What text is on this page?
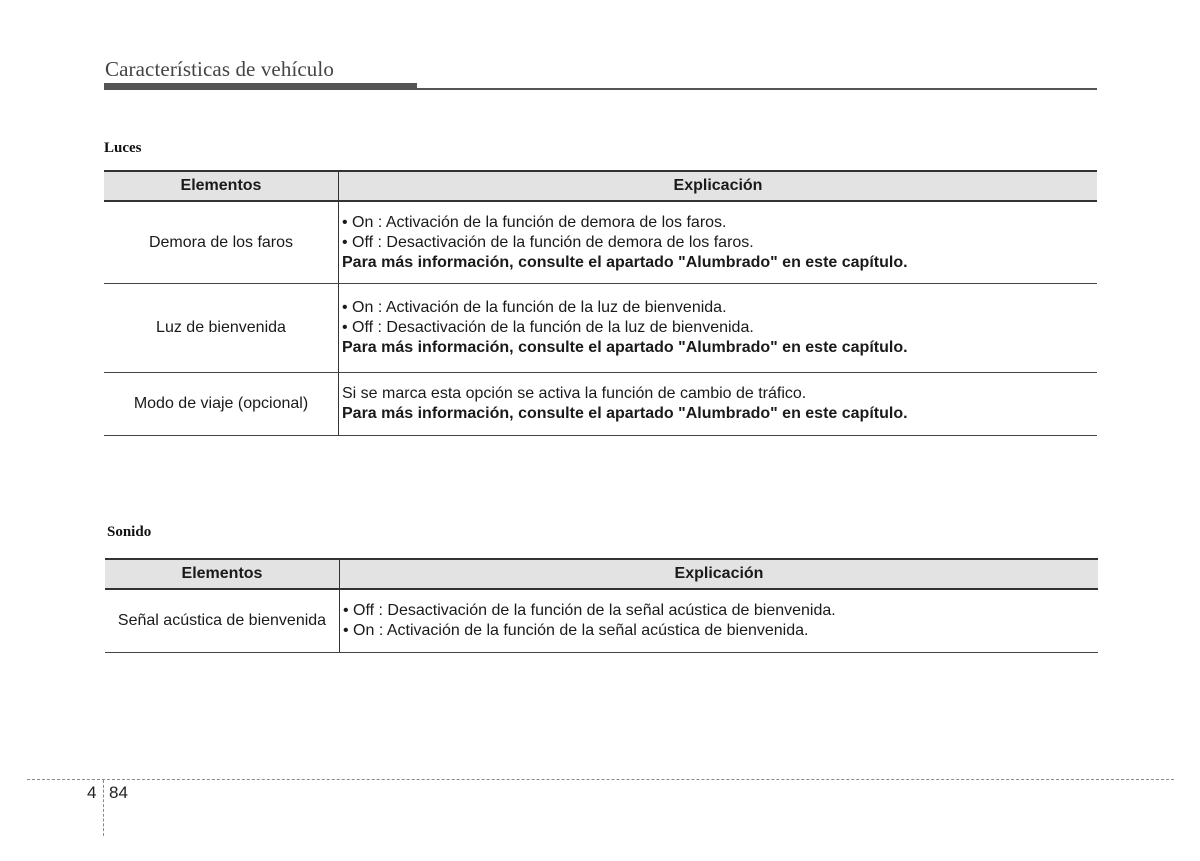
Características de vehículo
Luces
Elementos	Explicación
Demora de los faros	• On : Activación de la función de demora de los faros.
• Off : Desactivación de la función de demora de los faros.
Para más información, consulte el apartado "Alumbrado" en este capítulo.

Luz de bienvenida	• On : Activación de la función de la luz de bienvenida.
• Off : Desactivación de la función de la luz de bienvenida.
Para más información, consulte el apartado "Alumbrado" en este capítulo.

Modo de viaje (opcional)	Si se marca esta opción se activa la función de cambio de tráfico.
Para más información, consulte el apartado "Alumbrado" en este capítulo.
Sonido
Elementos	Explicación
Señal acústica de bienvenida	• Off : Desactivación de la función de la señal acústica de bienvenida.
• On : Activación de la función de la señal acústica de bienvenida.
4 84
